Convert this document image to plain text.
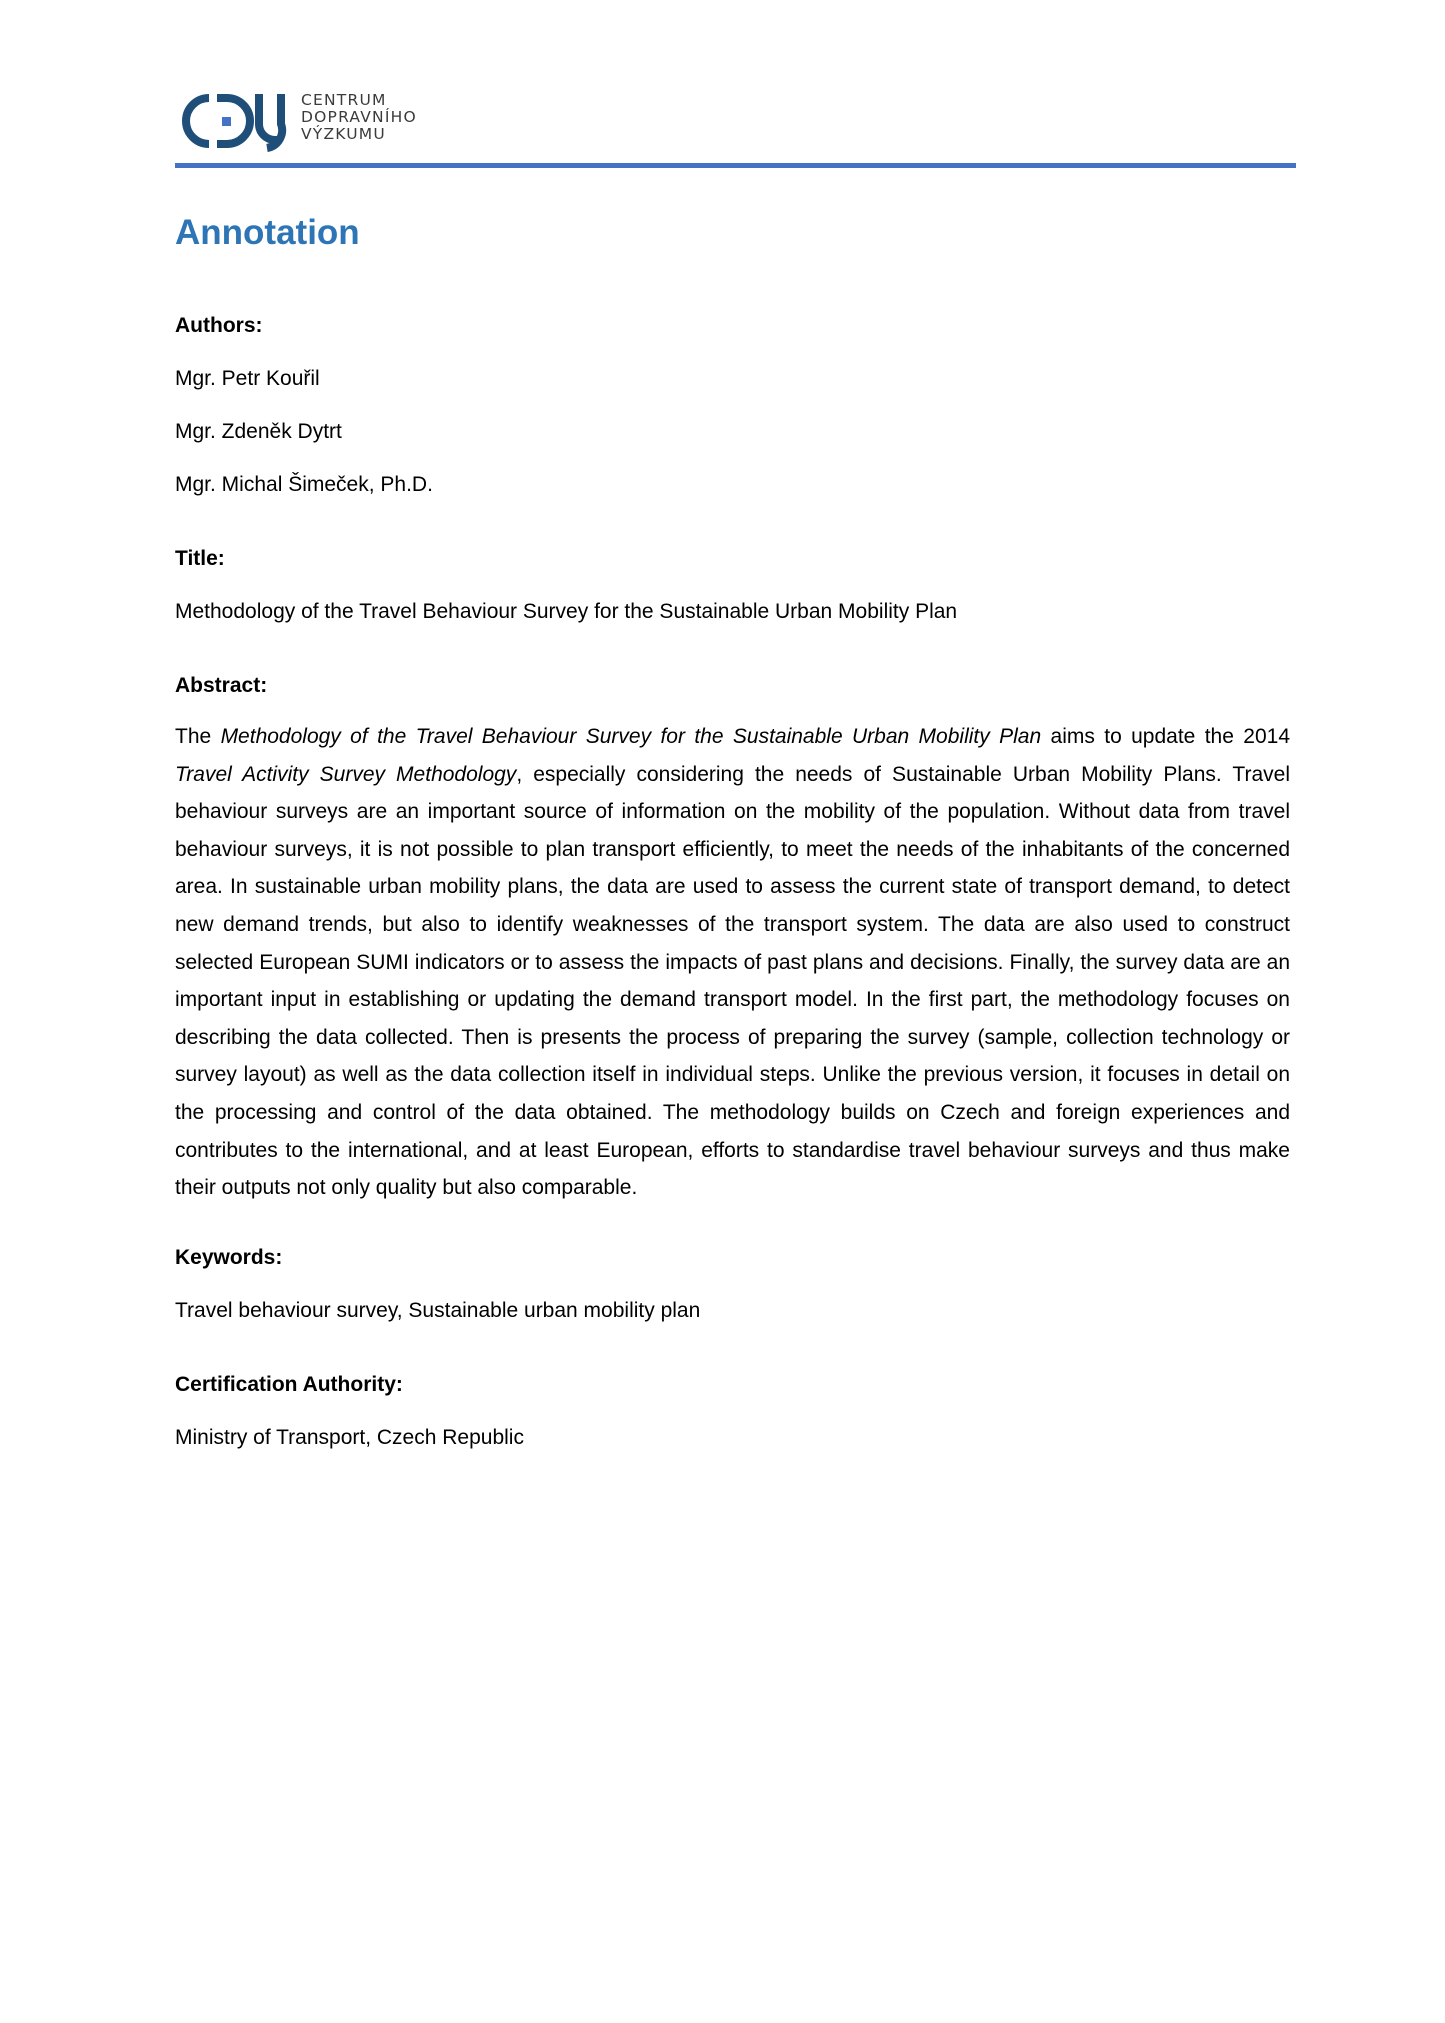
CENTRUM
DOPRAVNÍHO
VÝZKUMU
Annotation

Authors:

Mgr. Petr Kouřil

Mgr. Zdeněk Dytrt

Mgr. Michal Šimeček, Ph.D.

Title:

Methodology of the Travel Behaviour Survey for the Sustainable Urban Mobility Plan

Abstract:

The Methodology of the Travel Behaviour Survey for the Sustainable Urban Mobility Plan aims to update the 2014 Travel Activity Survey Methodology, especially considering the needs of Sustainable Urban Mobility Plans. Travel behaviour surveys are an important source of information on the mobility of the population. Without data from travel behaviour surveys, it is not possible to plan transport efficiently, to meet the needs of the inhabitants of the concerned area. In sustainable urban mobility plans, the data are used to assess the current state of transport demand, to detect new demand trends, but also to identify weaknesses of the transport system. The data are also used to construct selected European SUMI indicators or to assess the impacts of past plans and decisions. Finally, the survey data are an important input in establishing or updating the demand transport model. In the first part, the methodology focuses on describing the data collected. Then is presents the process of preparing the survey (sample, collection technology or survey layout) as well as the data collection itself in individual steps. Unlike the previous version, it focuses in detail on the processing and control of the data obtained. The methodology builds on Czech and foreign experiences and contributes to the international, and at least European, efforts to standardise travel behaviour surveys and thus make their outputs not only quality but also comparable.

Keywords:

Travel behaviour survey, Sustainable urban mobility plan

Certification Authority:

Ministry of Transport, Czech Republic
